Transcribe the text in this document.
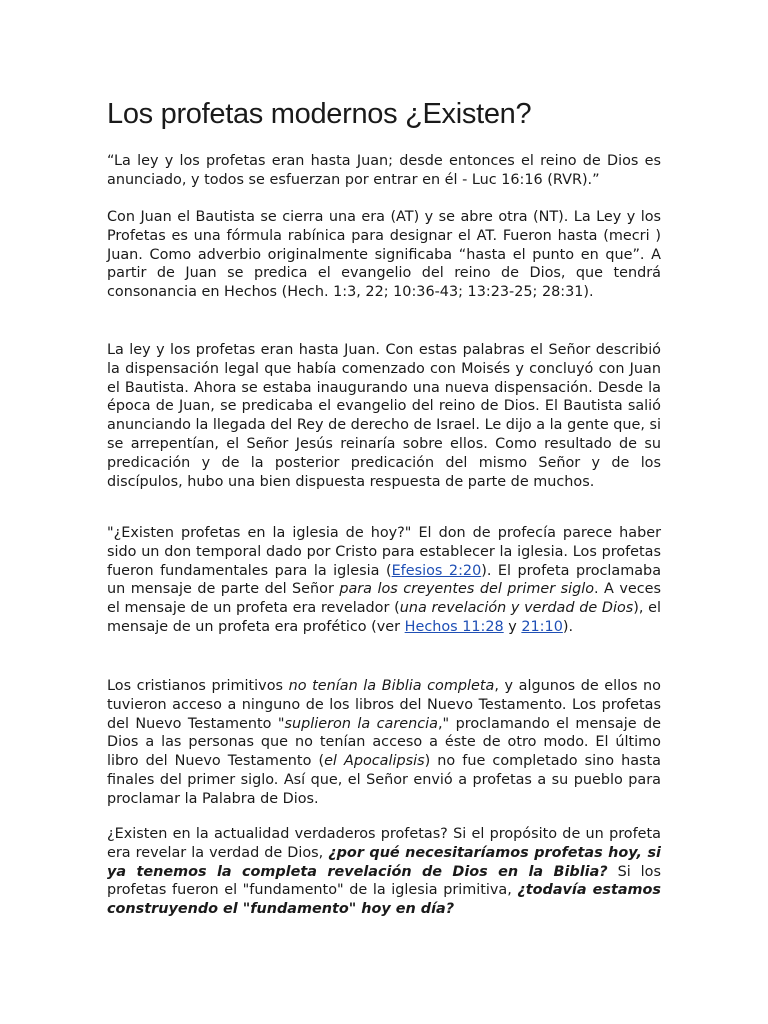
Los profetas modernos ¿Existen?

“La ley y los profetas eran hasta Juan; desde entonces el reino de Dios es anunciado, y todos se esfuerzan por entrar en él - Luc 16:16 (RVR).”

Con Juan el Bautista se cierra una era (AT) y se abre otra (NT). La Ley y los Profetas es una fórmula rabínica para designar el AT. Fueron hasta (mecri ) Juan. Como adverbio originalmente significaba “hasta el punto en que”. A partir de Juan se predica el evangelio del reino de Dios, que tendrá consonancia en Hechos (Hech. 1:3, 22; 10:36-43; 13:23-25; 28:31).

La ley y los profetas eran hasta Juan. Con estas palabras el Señor describió la dispensación legal que había comenzado con Moisés y concluyó con Juan el Bautista. Ahora se estaba inaugurando una nueva dispensación. Desde la época de Juan, se predicaba el evangelio del reino de Dios. El Bautista salió anunciando la llegada del Rey de derecho de Israel. Le dijo a la gente que, si se arrepentían, el Señor Jesús reinaría sobre ellos. Como resultado de su predicación y de la posterior predicación del mismo Señor y de los discípulos, hubo una bien dispuesta respuesta de parte de muchos.

"¿Existen profetas en la iglesia de hoy?" El don de profecía parece haber sido un don temporal dado por Cristo para establecer la iglesia. Los profetas fueron fundamentales para la iglesia (Efesios 2:20). El profeta proclamaba un mensaje de parte del Señor para los creyentes del primer siglo. A veces el mensaje de un profeta era revelador (una revelación y verdad de Dios), el mensaje de un profeta era profético (ver Hechos 11:28 y 21:10).

Los cristianos primitivos no tenían la Biblia completa, y algunos de ellos no tuvieron acceso a ninguno de los libros del Nuevo Testamento. Los profetas del Nuevo Testamento "suplieron la carencia," proclamando el mensaje de Dios a las personas que no tenían acceso a éste de otro modo. El último libro del Nuevo Testamento (el Apocalipsis) no fue completado sino hasta finales del primer siglo. Así que, el Señor envió a profetas a su pueblo para proclamar la Palabra de Dios.

¿Existen en la actualidad verdaderos profetas? Si el propósito de un profeta era revelar la verdad de Dios, ¿por qué necesitaríamos profetas hoy, si ya tenemos la completa revelación de Dios en la Biblia? Si los profetas fueron el "fundamento" de la iglesia primitiva, ¿todavía estamos construyendo el "fundamento" hoy en día?
